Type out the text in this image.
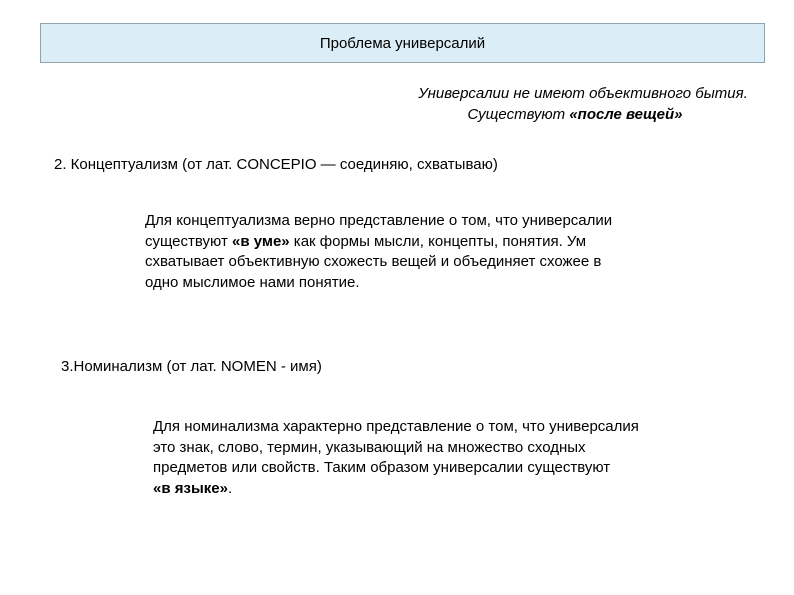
Проблема универсалий
Универсалии не имеют объективного бытия.
Существуют «после вещей»
2. Концептуализм (от лат. CONCEPIO — соединяю, схватываю)
Для концептуализма верно представление о том, что универсалии
существуют «в уме» как формы мысли, концепты, понятия. Ум
схватывает объективную схожесть вещей и объединяет схожее в
одно мыслимое нами понятие.
3.Номинализм (от лат. NOMEN - имя)
Для номинализма характерно представление о том, что универсалия
это знак, слово, термин, указывающий на множество сходных
предметов или свойств. Таким образом универсалии существуют
«в языке».
